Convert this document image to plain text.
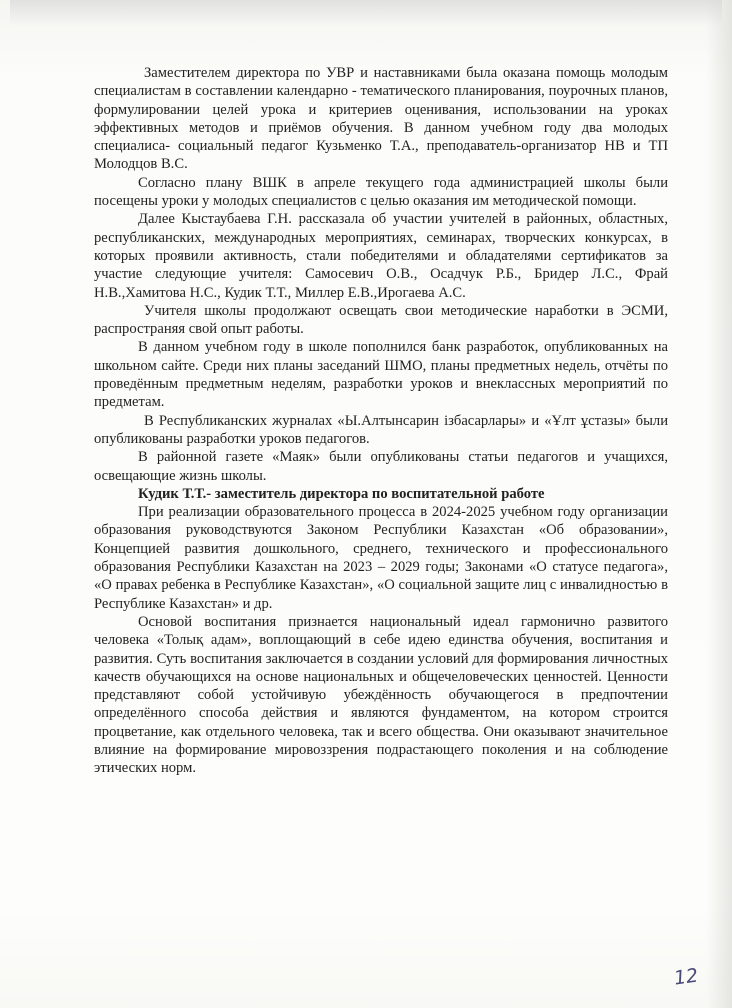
Заместителем директора по УВР и наставниками была оказана помощь молодым специалистам в составлении календарно - тематического планирования, поурочных планов, формулировании целей урока и критериев оценивания, использовании на уроках эффективных методов и приёмов обучения. В данном учебном году два молодых специалиса- социальный педагог Кузьменко Т.А., преподаватель-организатор НВ и ТП Молодцов В.С.

Согласно плану ВШК в апреле текущего года администрацией школы были посещены уроки у молодых специалистов с целью оказания им методической помощи.

Далее Кыстаубаева Г.Н. рассказала об участии учителей в районных, областных, республиканских, международных мероприятиях, семинарах, творческих конкурсах, в которых проявили активность, стали победителями и обладателями сертификатов за участие следующие учителя: Самосевич О.В., Осадчук Р.Б., Бридер Л.С., Фрай Н.В.,Хамитова Н.С., Кудик Т.Т., Миллер Е.В.,Ирогаева А.С.

Учителя школы продолжают освещать свои методические наработки в ЭСМИ, распространяя свой опыт работы.

В данном учебном году в школе пополнился банк разработок, опубликованных на школьном сайте. Среди них планы заседаний ШМО, планы предметных недель, отчёты по проведённым предметным неделям, разработки уроков и внеклассных мероприятий по предметам.

В Республиканских журналах «Ы.Алтынсарин ізбасарлары» и «Ұлт ұстазы» были опубликованы разработки уроков педагогов.

В районной газете «Маяк» были опубликованы статьи педагогов и учащихся, освещающие жизнь школы.

Кудик Т.Т.- заместитель директора по воспитательной работе

При реализации образовательного процесса в 2024-2025 учебном году организации образования руководствуются Законом Республики Казахстан «Об образовании», Концепцией развития дошкольного, среднего, технического и профессионального образования Республики Казахстан на 2023 – 2029 годы; Законами «О статусе педагога», «О правах ребенка в Республике Казахстан», «О социальной защите лиц с инвалидностью в Республике Казахстан» и др.

Основой воспитания признается национальный идеал гармонично развитого человека «Толық адам», воплощающий в себе идею единства обучения, воспитания и развития. Суть воспитания заключается в создании условий для формирования личностных качеств обучающихся на основе национальных и общечеловеческих ценностей. Ценности представляют собой устойчивую убеждённость обучающегося в предпочтении определённого способа действия и являются фундаментом, на котором строится процветание, как отдельного человека, так и всего общества. Они оказывают значительное влияние на формирование мировоззрения подрастающего поколения и на соблюдение этических норм.

12
